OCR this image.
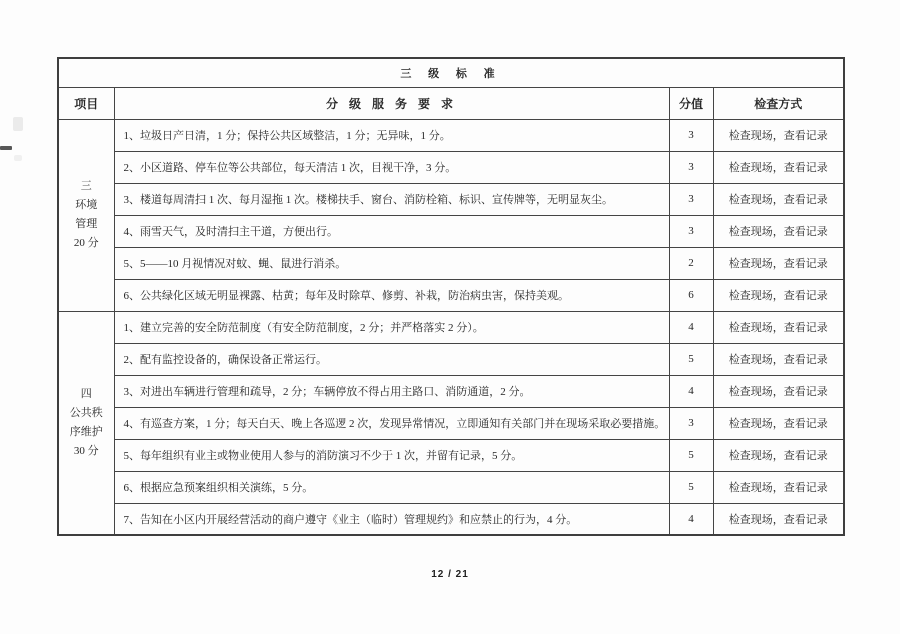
三 级 标 准			
项目	分 级 服 务 要 求	分值	检查方式

三
环境
管理
20 分	1、垃圾日产日清，1 分；保持公共区域整洁，1 分；无异味，1 分。	3	检查现场，查看记录
	2、小区道路、停车位等公共部位，每天清洁 1 次，目视干净，3 分。	3	检查现场，查看记录
	3、楼道每周清扫 1 次、每月湿拖 1 次。楼梯扶手、窗台、消防栓箱、标识、宣传牌等，无明显灰尘。	3	检查现场，查看记录
	4、雨雪天气，及时清扫主干道，方便出行。	3	检查现场，查看记录
	5、5——10 月视情况对蚊、蝇、鼠进行消杀。	2	检查现场，查看记录
	6、公共绿化区域无明显裸露、枯黄；每年及时除草、修剪、补栽，防治病虫害，保持美观。	6	检查现场，查看记录

四
公共秩
序维护
30 分	1、建立完善的安全防范制度（有安全防范制度，2 分；并严格落实 2 分）。	4	检查现场，查看记录
	2、配有监控设备的，确保设备正常运行。	5	检查现场，查看记录
	3、对进出车辆进行管理和疏导，2 分；车辆停放不得占用主路口、消防通道，2 分。	4	检查现场，查看记录
	4、有巡查方案，1 分；每天白天、晚上各巡逻 2 次，发现异常情况，立即通知有关部门并在现场采取必要措施。	3	检查现场，查看记录
	5、每年组织有业主或物业使用人参与的消防演习不少于 1 次，并留有记录，5 分。	5	检查现场，查看记录
	6、根据应急预案组织相关演练，5 分。	5	检查现场，查看记录
	7、告知在小区内开展经营活动的商户遵守《业主（临时）管理规约》和应禁止的行为，4 分。	4	检查现场，查看记录
12 / 21
